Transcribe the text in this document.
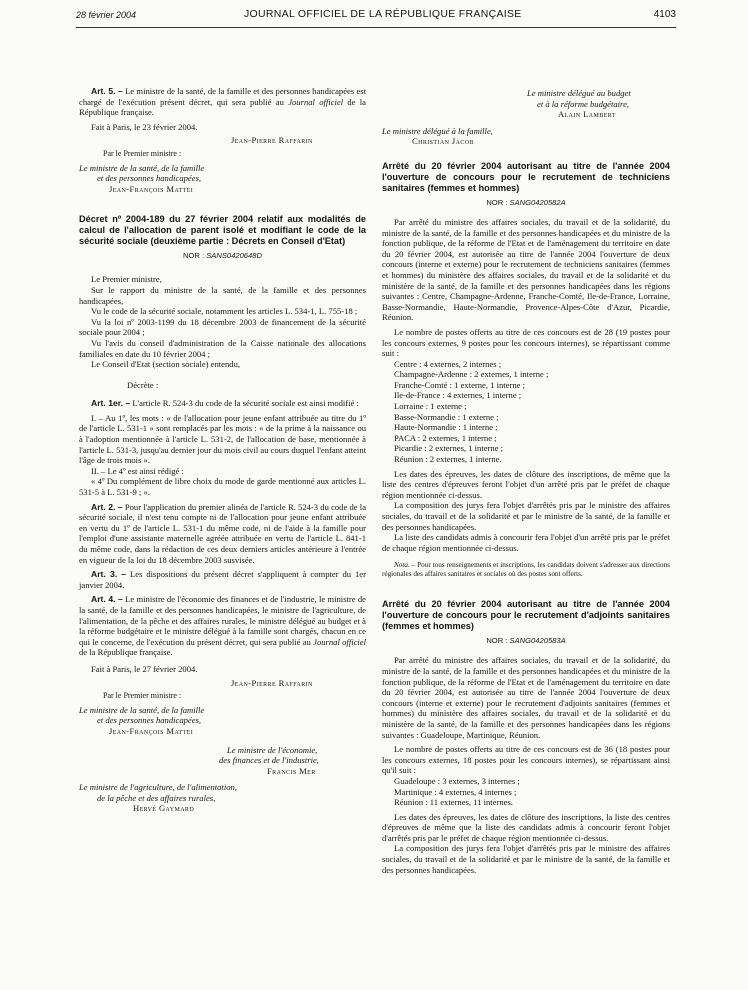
28 février 2004	JOURNAL OFFICIEL DE LA RÉPUBLIQUE FRANÇAISE	4103

Art. 5. – Le ministre de la santé, de la famille et des personnes handicapées est chargé de l'exécution présent décret, qui sera publié au Journal officiel de la République française.

Fait à Paris, le 23 février 2004.

Jean-Pierre Raffarin
Par le Premier ministre :
Le ministre de la santé, de la famille
et des personnes handicapées,
Jean-François Mattei

Décret nº 2004-189 du 27 février 2004 relatif aux modalités de calcul de l'allocation de parent isolé et modifiant le code de la sécurité sociale (deuxième partie : Décrets en Conseil d'Etat)

NOR : SANS0420648D

Le Premier ministre,

Sur le rapport du ministre de la santé, de la famille et des personnes handicapées,

Vu le code de la sécurité sociale, notamment les articles L. 534-1, L. 755-18 ;

Vu la loi nº 2003-1199 du 18 décembre 2003 de financement de la sécurité sociale pour 2004 ;

Vu l'avis du conseil d'administration de la Caisse nationale des allocations familiales en date du 10 février 2004 ;

Le Conseil d'Etat (section sociale) entendu,

Décrète :

Art. 1er. – L'article R. 524-3 du code de la sécurité sociale est ainsi modifié :

I. – Au 1º, les mots : « de l'allocation pour jeune enfant attribuée au titre du 1º de l'article L. 531-1 » sont remplacés par les mots : « de la prime à la naissance ou à l'adoption mentionnée à l'article L. 531-2, de l'allocation de base, mentionnée à l'article L. 531-3, jusqu'au dernier jour du mois civil au cours duquel l'enfant atteint l'âge de trois mois ».

II. – Le 4º est ainsi rédigé :

« 4º Du complément de libre choix du mode de garde mentionné aux articles L. 531-5 à L. 531-9 ; ».

Art. 2. – Pour l'application du premier alinéa de l'article R. 524-3 du code de la sécurité sociale, il n'est tenu compte ni de l'allocation pour jeune enfant attribuée en vertu du 1º de l'article L. 531-1 du même code, ni de l'aide à la famille pour l'emploi d'une assistante maternelle agréée attribuée en vertu de l'article L. 841-1 du même code, dans la rédaction de ces deux derniers articles antérieure à l'entrée en vigueur de la loi du 18 décembre 2003 susvisée.

Art. 3. – Les dispositions du présent décret s'appliquent à compter du 1er janvier 2004.

Art. 4. – Le ministre de l'économie des finances et de l'industrie, le ministre de la santé, de la famille et des personnes handicapées, le ministre de l'agriculture, de l'alimentation, de la pêche et des affaires rurales, le ministre délégué au budget et à la réforme budgétaire et le ministre délégué à la famille sont chargés, chacun en ce qui le concerne, de l'exécution du présent décret, qui sera publié au Journal officiel de la République française.

Fait à Paris, le 27 février 2004.

Jean-Pierre Raffarin
Par le Premier ministre :
Le ministre de la santé, de la famille
et des personnes handicapées,
Jean-François Mattei
Le ministre de l'économie,
des finances et de l'industrie,
Francis Mer
Le ministre de l'agriculture, de l'alimentation,
de la pêche et des affaires rurales,
Hervé Gaymard
Le ministre délégué au budget
et à la réforme budgétaire,
Alain Lambert
Le ministre délégué à la famille,
Christian Jacob

Arrêté du 20 février 2004 autorisant au titre de l'année 2004 l'ouverture de concours pour le recrutement de techniciens sanitaires (femmes et hommes)

NOR : SANG0420582A

Par arrêté du ministre des affaires sociales, du travail et de la solidarité, du ministre de la santé, de la famille et des personnes handicapées et du ministre de la fonction publique, de la réforme de l'Etat et de l'aménagement du territoire en date du 20 février 2004, est autorisée au titre de l'année 2004 l'ouverture de deux concours (interne et externe) pour le recrutement de techniciens sanitaires (femmes et hommes) du ministère des affaires sociales, du travail et de la solidarité et du ministère de la santé, de la famille et des personnes handicapées dans les régions suivantes : Centre, Champagne-Ardenne, Franche-Comté, Ile-de-France, Lorraine, Basse-Normandie, Haute-Normandie, Provence-Alpes-Côte d'Azur, Picardie, Réunion.

Le nombre de postes offerts au titre de ces concours est de 28 (19 postes pour les concours externes, 9 postes pour les concours internes), se répartissant comme suit :

Centre : 4 externes, 2 internes ;

Champagne-Ardenne : 2 externes, 1 interne ;

Franche-Comté : 1 externe, 1 interne ;

Ile-de-France : 4 externes, 1 interne ;

Lorraine : 1 externe ;

Basse-Normandie : 1 externe ;

Haute-Normandie : 1 interne ;

PACA : 2 externes, 1 interne ;

Picardie : 2 externes, 1 interne ;

Réunion : 2 externes, 1 interne.

Les dates des épreuves, les dates de clôture des inscriptions, de même que la liste des centres d'épreuves feront l'objet d'un arrêté pris par le préfet de chaque région mentionnée ci-dessus.

La composition des jurys fera l'objet d'arrêtés pris par le ministre des affaires sociales, du travail et de la solidarité et par le ministre de la santé, de la famille et des personnes handicapées.

La liste des candidats admis à concourir fera l'objet d'un arrêté pris par le préfet de chaque région mentionnée ci-dessus.

Nota. – Pour tous renseignements et inscriptions, les candidats doivent s'adresser aux directions régionales des affaires sanitaires et sociales où des postes sont offerts.

Arrêté du 20 février 2004 autorisant au titre de l'année 2004 l'ouverture de concours pour le recrutement d'adjoints sanitaires (femmes et hommes)

NOR : SANG0420583A

Par arrêté du ministre des affaires sociales, du travail et de la solidarité, du ministre de la santé, de la famille et des personnes handicapées et du ministre de la fonction publique, de la réforme de l'Etat et de l'aménagement du territoire en date du 20 février 2004, est autorisée au titre de l'année 2004 l'ouverture de deux concours (interne et externe) pour le recrutement d'adjoints sanitaires (femmes et hommes) du ministère des affaires sociales, du travail et de la solidarité et du ministère de la santé, de la famille et des personnes handicapées dans les régions suivantes : Guadeloupe, Martinique, Réunion.

Le nombre de postes offerts au titre de ces concours est de 36 (18 postes pour les concours externes, 18 postes pour les concours internes), se répartissant ainsi qu'il suit :

Guadeloupe : 3 externes, 3 internes ;

Martinique : 4 externes, 4 internes ;

Réunion : 11 externes, 11 internes.

Les dates des épreuves, les dates de clôture des inscriptions, la liste des centres d'épreuves de même que la liste des candidats admis à concourir feront l'objet d'arrêtés pris par le préfet de chaque région mentionnée ci-dessus.

La composition des jurys fera l'objet d'arrêtés pris par le ministre des affaires sociales, du travail et de la solidarité et par le ministre de la santé, de la famille et des personnes handicapées.
